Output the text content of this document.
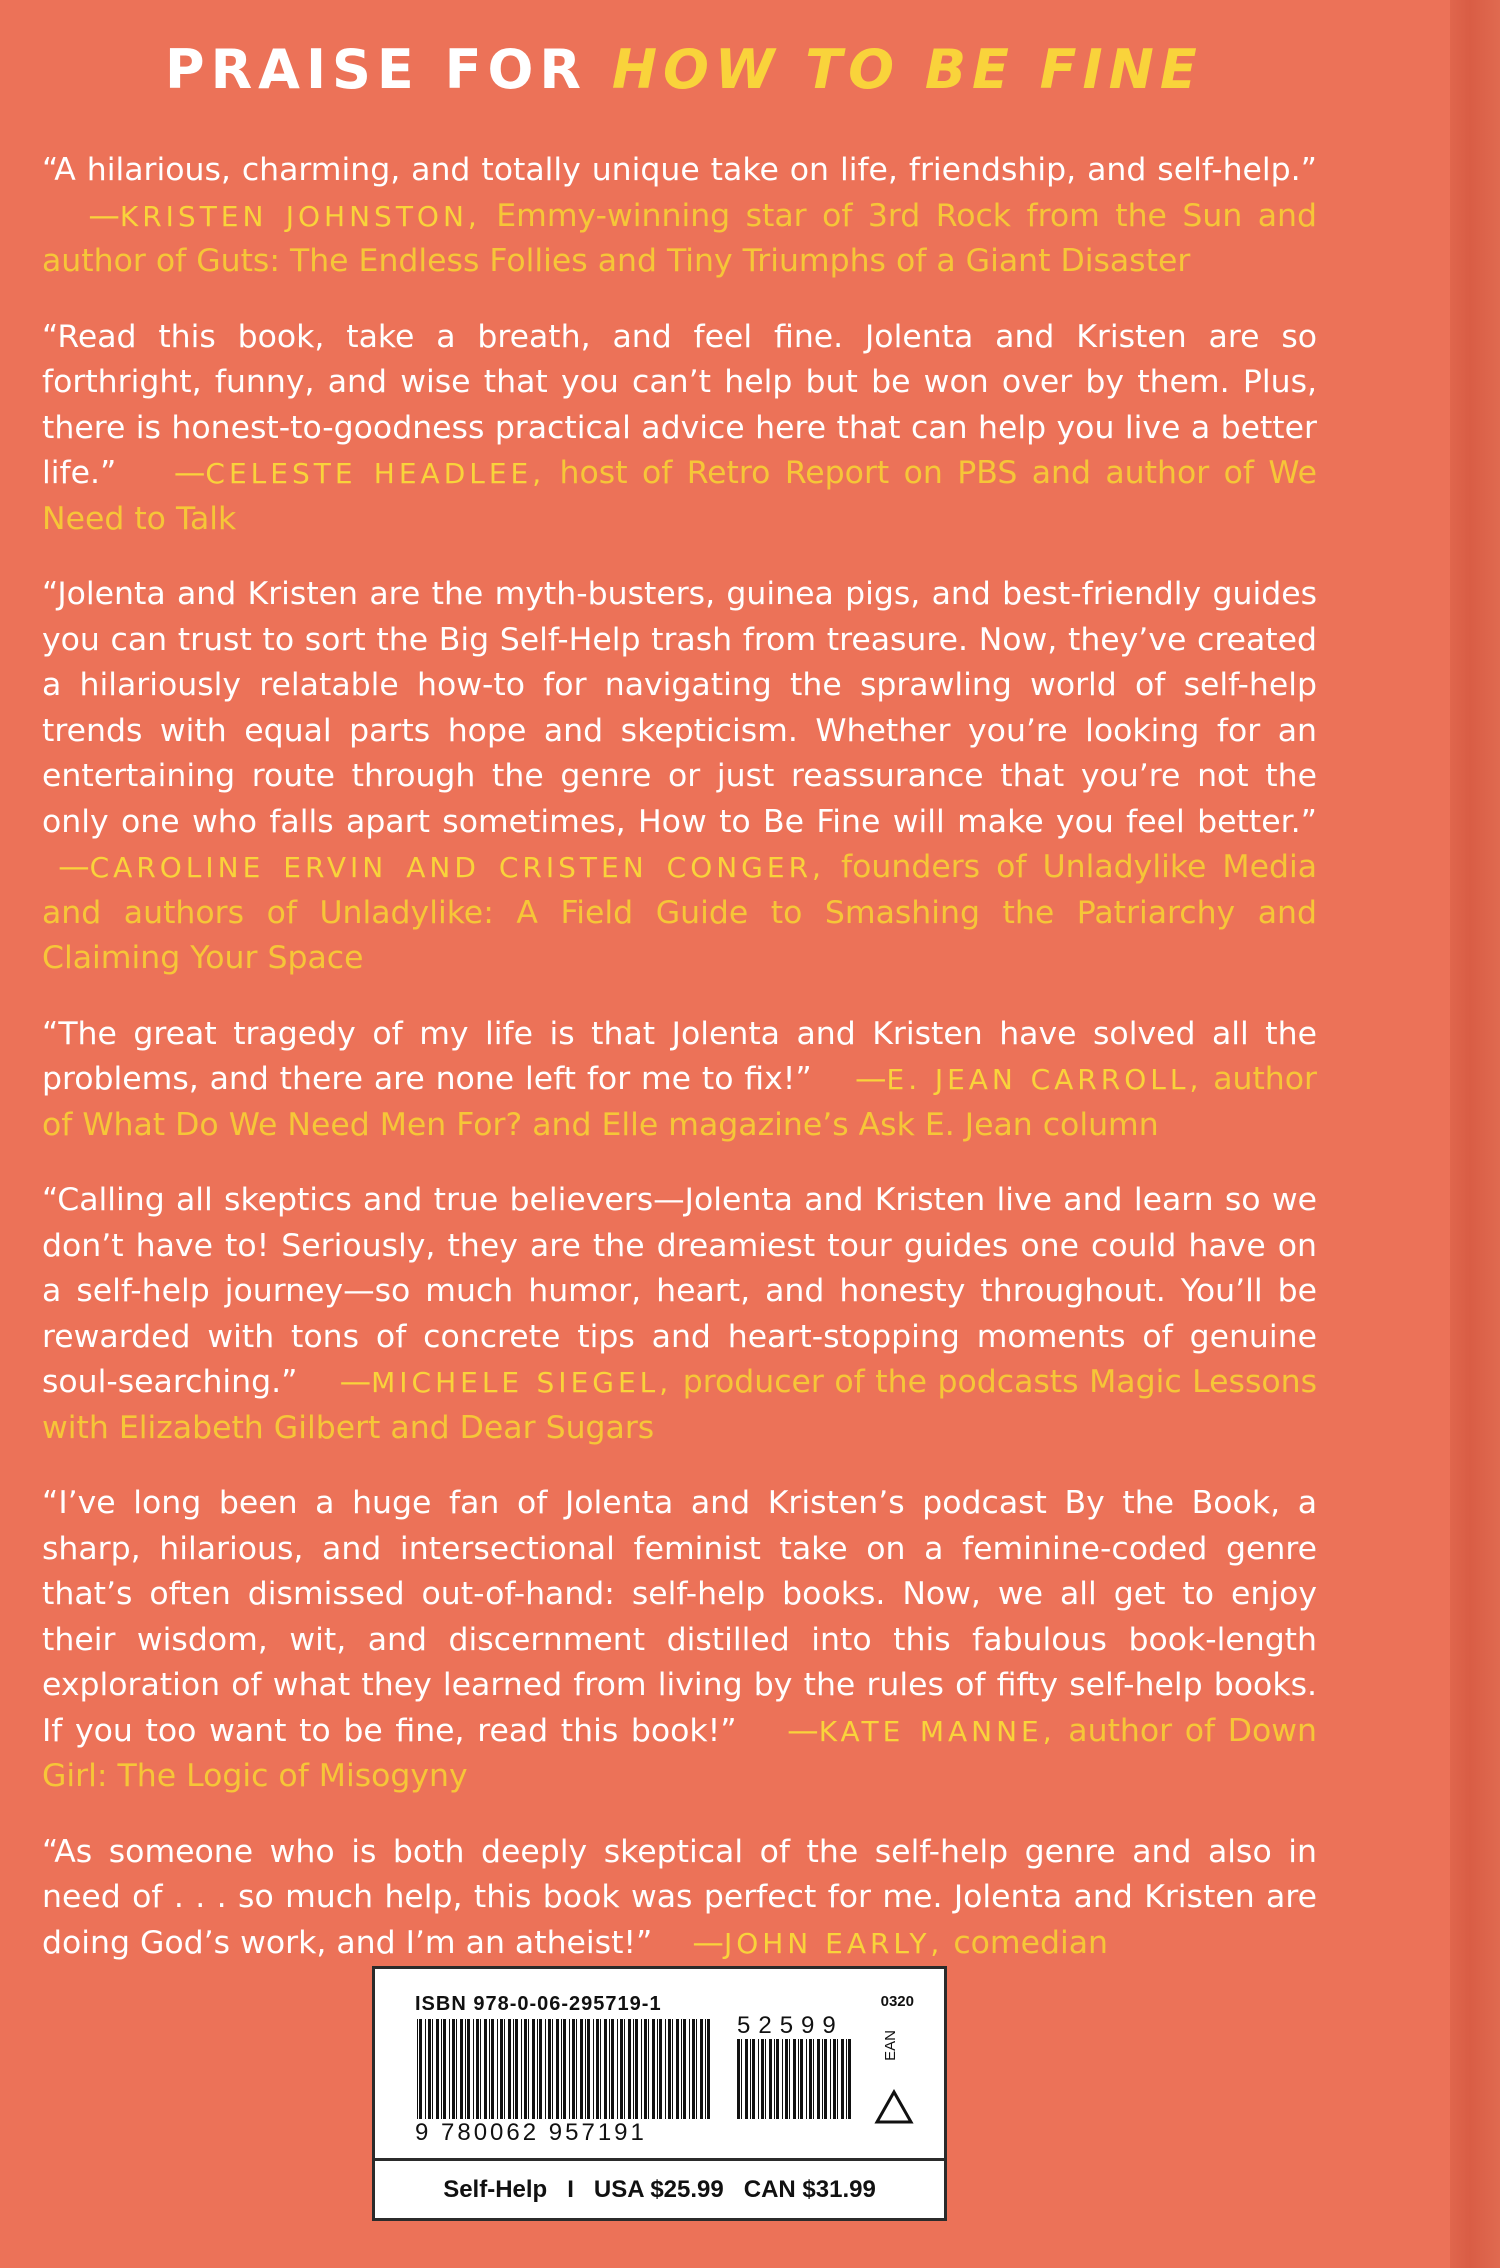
PRAISE FOR HOW TO BE FINE

“A hilarious, charming, and totally unique take on life, friendship, and self-help.”    —KRISTEN JOHNSTON, Emmy-winning star of 3rd Rock from the Sun and author of Guts: The Endless Follies and Tiny Triumphs of a Giant Disaster

“Read this book, take a breath, and feel fine. Jolenta and Kristen are so forthright, funny, and wise that you can’t help but be won over by them. Plus, there is honest-to-goodness practical advice here that can help you live a better life.”    —CELESTE HEADLEE, host of Retro Report on PBS and author of We Need to Talk

“Jolenta and Kristen are the myth-busters, guinea pigs, and best-friendly guides you can trust to sort the Big Self-Help trash from treasure. Now, they’ve created a hilariously relatable how-to for navigating the sprawling world of self-help trends with equal parts hope and skepticism. Whether you’re looking for an entertaining route through the genre or just reassurance that you’re not the only one who falls apart sometimes, How to Be Fine will make you feel better.”  —CAROLINE ERVIN AND CRISTEN CONGER, founders of Unladylike Media and authors of Unladylike: A Field Guide to Smashing the Patriarchy and Claiming Your Space

“The great tragedy of my life is that Jolenta and Kristen have solved all the problems, and there are none left for me to fix!”    —E. JEAN CARROLL, author of What Do We Need Men For? and Elle magazine’s Ask E. Jean column

“Calling all skeptics and true believers—Jolenta and Kristen live and learn so we don’t have to! Seriously, they are the dreamiest tour guides one could have on a self-help journey—so much humor, heart, and honesty throughout. You’ll be rewarded with tons of concrete tips and heart-stopping moments of genuine soul-searching.”    —MICHELE SIEGEL, producer of the podcasts Magic Lessons with Elizabeth Gilbert and Dear Sugars

“I’ve long been a huge fan of Jolenta and Kristen’s podcast By the Book, a sharp, hilarious, and intersectional feminist take on a feminine-coded genre that’s often dismissed out-of-hand: self-help books. Now, we all get to enjoy their wisdom, wit, and discernment distilled into this fabulous book-length exploration of what they learned from living by the rules of fifty self-help books. If you too want to be fine, read this book!”    —KATE MANNE, author of Down Girl: The Logic of Misogyny

“As someone who is both deeply skeptical of the self-help genre and also in need of . . . so much help, this book was perfect for me. Jolenta and Kristen are doing God’s work, and I’m an atheist!”    —JOHN EARLY, comedian

ISBN 978-0-06-295719-1	0320
52599
9 780062 957191
EAN
Self-Help I USA $25.99 CAN $31.99
